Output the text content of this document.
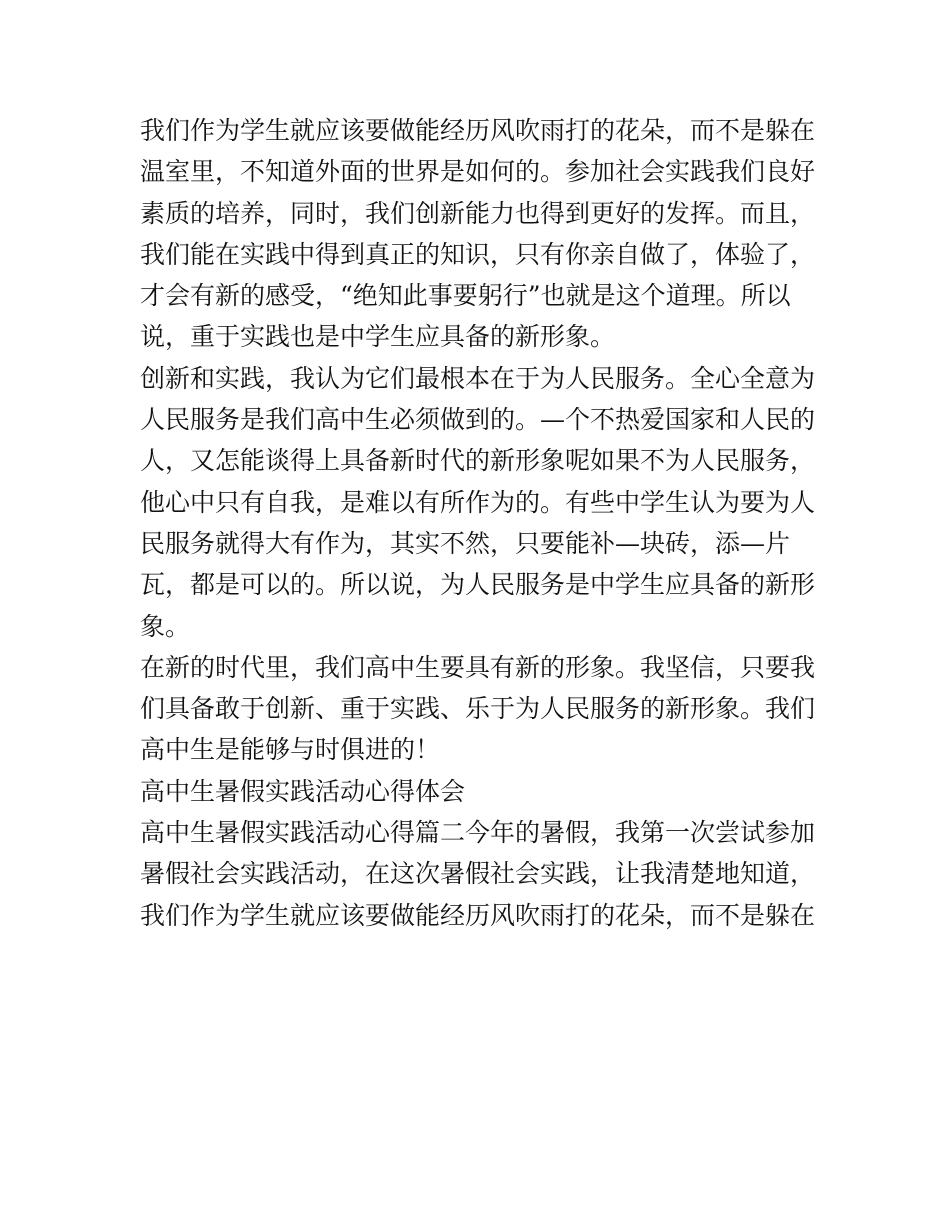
我们作为学生就应该要做能经历风吹雨打的花朵，而不是躲在
温室里，不知道外面的世界是如何的。参加社会实践我们良好
素质的培养，同时，我们创新能力也得到更好的发挥。而且，
我们能在实践中得到真正的知识，只有你亲自做了，体验了，
才会有新的感受，“绝知此事要躬行”也就是这个道理。所以
说，重于实践也是中学生应具备的新形象。
创新和实践，我认为它们最根本在于为人民服务。全心全意为
人民服务是我们高中生必须做到的。—个不热爱国家和人民的
人，又怎能谈得上具备新时代的新形象呢如果不为人民服务，
他心中只有自我，是难以有所作为的。有些中学生认为要为人
民服务就得大有作为，其实不然，只要能补—块砖，添—片
瓦，都是可以的。所以说，为人民服务是中学生应具备的新形
象。
在新的时代里，我们高中生要具有新的形象。我坚信，只要我
们具备敢于创新、重于实践、乐于为人民服务的新形象。我们
高中生是能够与时俱进的！
高中生暑假实践活动心得体会
高中生暑假实践活动心得篇二今年的暑假，我第一次尝试参加
暑假社会实践活动，在这次暑假社会实践，让我清楚地知道，
我们作为学生就应该要做能经历风吹雨打的花朵，而不是躲在
